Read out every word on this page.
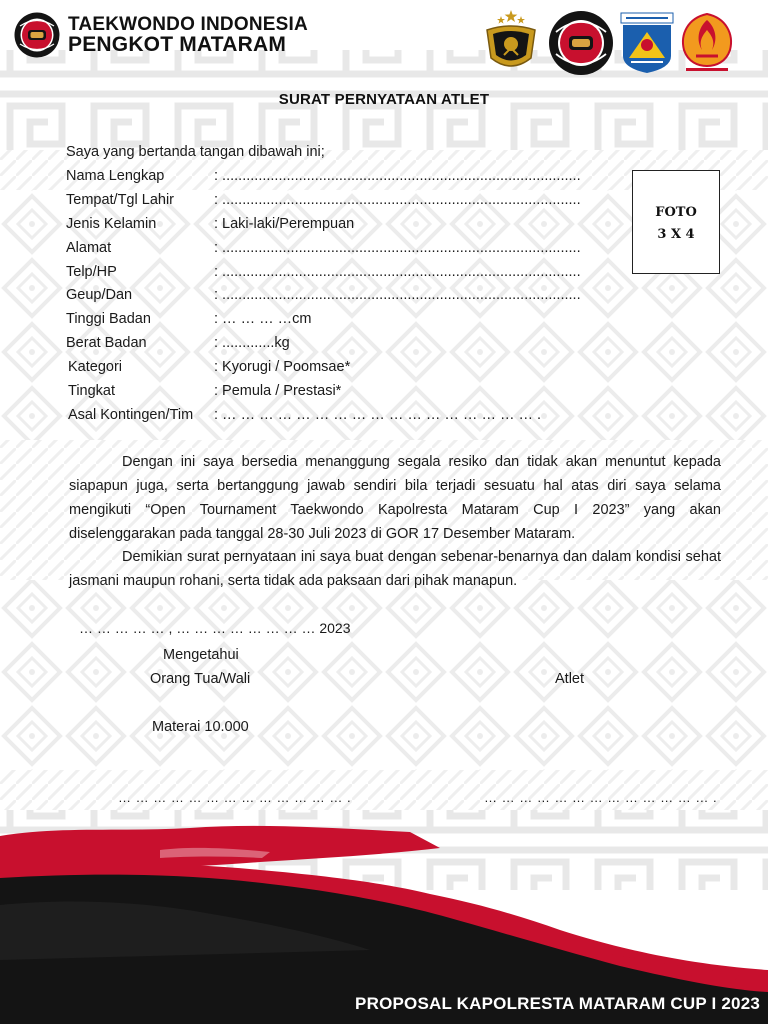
TAEKWONDO INDONESIA
PENGKOT MATARAM
SURAT PERNYATAAN ATLET
Saya yang bertanda tangan dibawah ini;
Nama Lengkap	: .........................................................................................
Tempat/Tgl Lahir	: .........................................................................................
Jenis Kelamin	: Laki-laki/Perempuan
Alamat	: .........................................................................................
Telp/HP	: .........................................................................................
Geup/Dan	: .........................................................................................
Tinggi Badan	: … … … …cm
Berat Badan	: .............kg
Kategori	: Kyorugi / Poomsae*
Tingkat	: Pemula / Prestasi*
Asal Kontingen/Tim : … … … … … … … … … … … … … … … … … .
FOTO
3 X 4
Dengan ini saya bersedia menanggung segala resiko dan tidak akan menuntut kepada siapapun juga, serta bertanggung jawab sendiri bila terjadi sesuatu hal atas diri saya selama mengikuti “Open Tournament Taekwondo Kapolresta Mataram Cup I 2023” yang akan diselenggarakan pada tanggal 28-30 Juli 2023 di GOR 17 Desember Mataram.
Demikian surat pernyataan ini saya buat dengan sebenar-benarnya dan dalam kondisi sehat jasmani maupun rohani, serta tidak ada paksaan dari pihak manapun.
… … … … … , … … … … … … … … 2023
Mengetahui
Orang Tua/Wali	Atlet
Materai 10.000
… … … … … … … … … … … … … .	… … … … … … … … … … … … … .
PROPOSAL KAPOLRESTA MATARAM CUP I 2023
